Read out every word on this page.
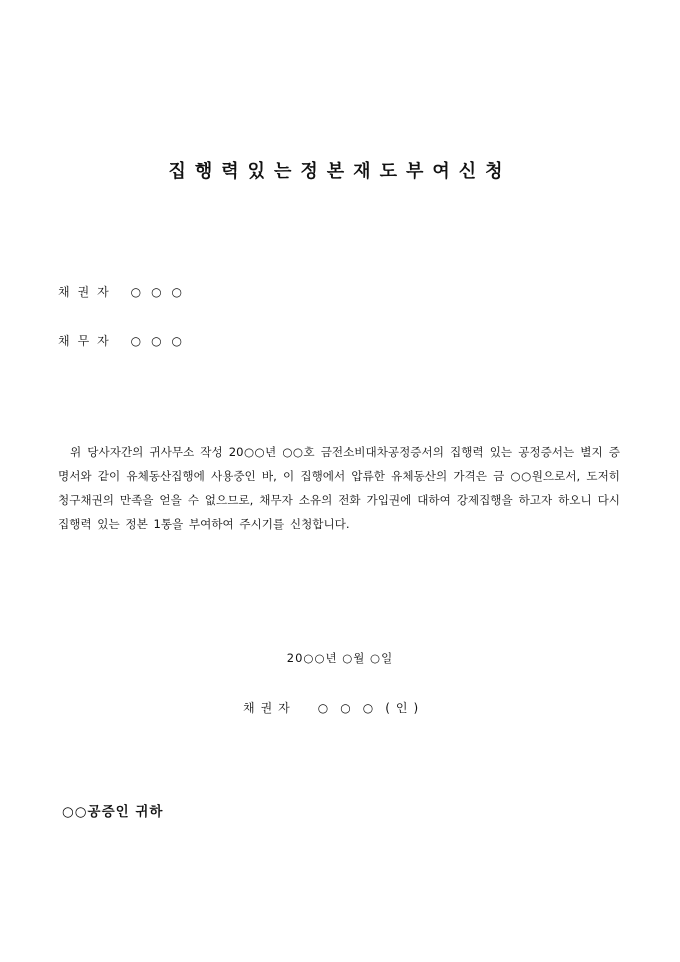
집행력있는정본재도부여신청
채권자 ○○○
채무자 ○○○

위 당사자간의 귀사무소 작성 20○○년 ○○호 금전소비대차공정증서의 집행력 있는 공정증서는 별지 증명서와 같이 유체동산집행에 사용중인 바, 이 집행에서 압류한 유체동산의 가격은 금 ○○원으로서, 도저히 청구채권의 만족을 얻을 수 없으므로, 채무자 소유의 전화 가입권에 대하여 강제집행을 하고자 하오니 다시 집행력 있는 정본 1통을 부여하여 주시기를 신청합니다.

20○○년 ○월 ○일
채권자 ○○○(인)
○○공증인 귀하
